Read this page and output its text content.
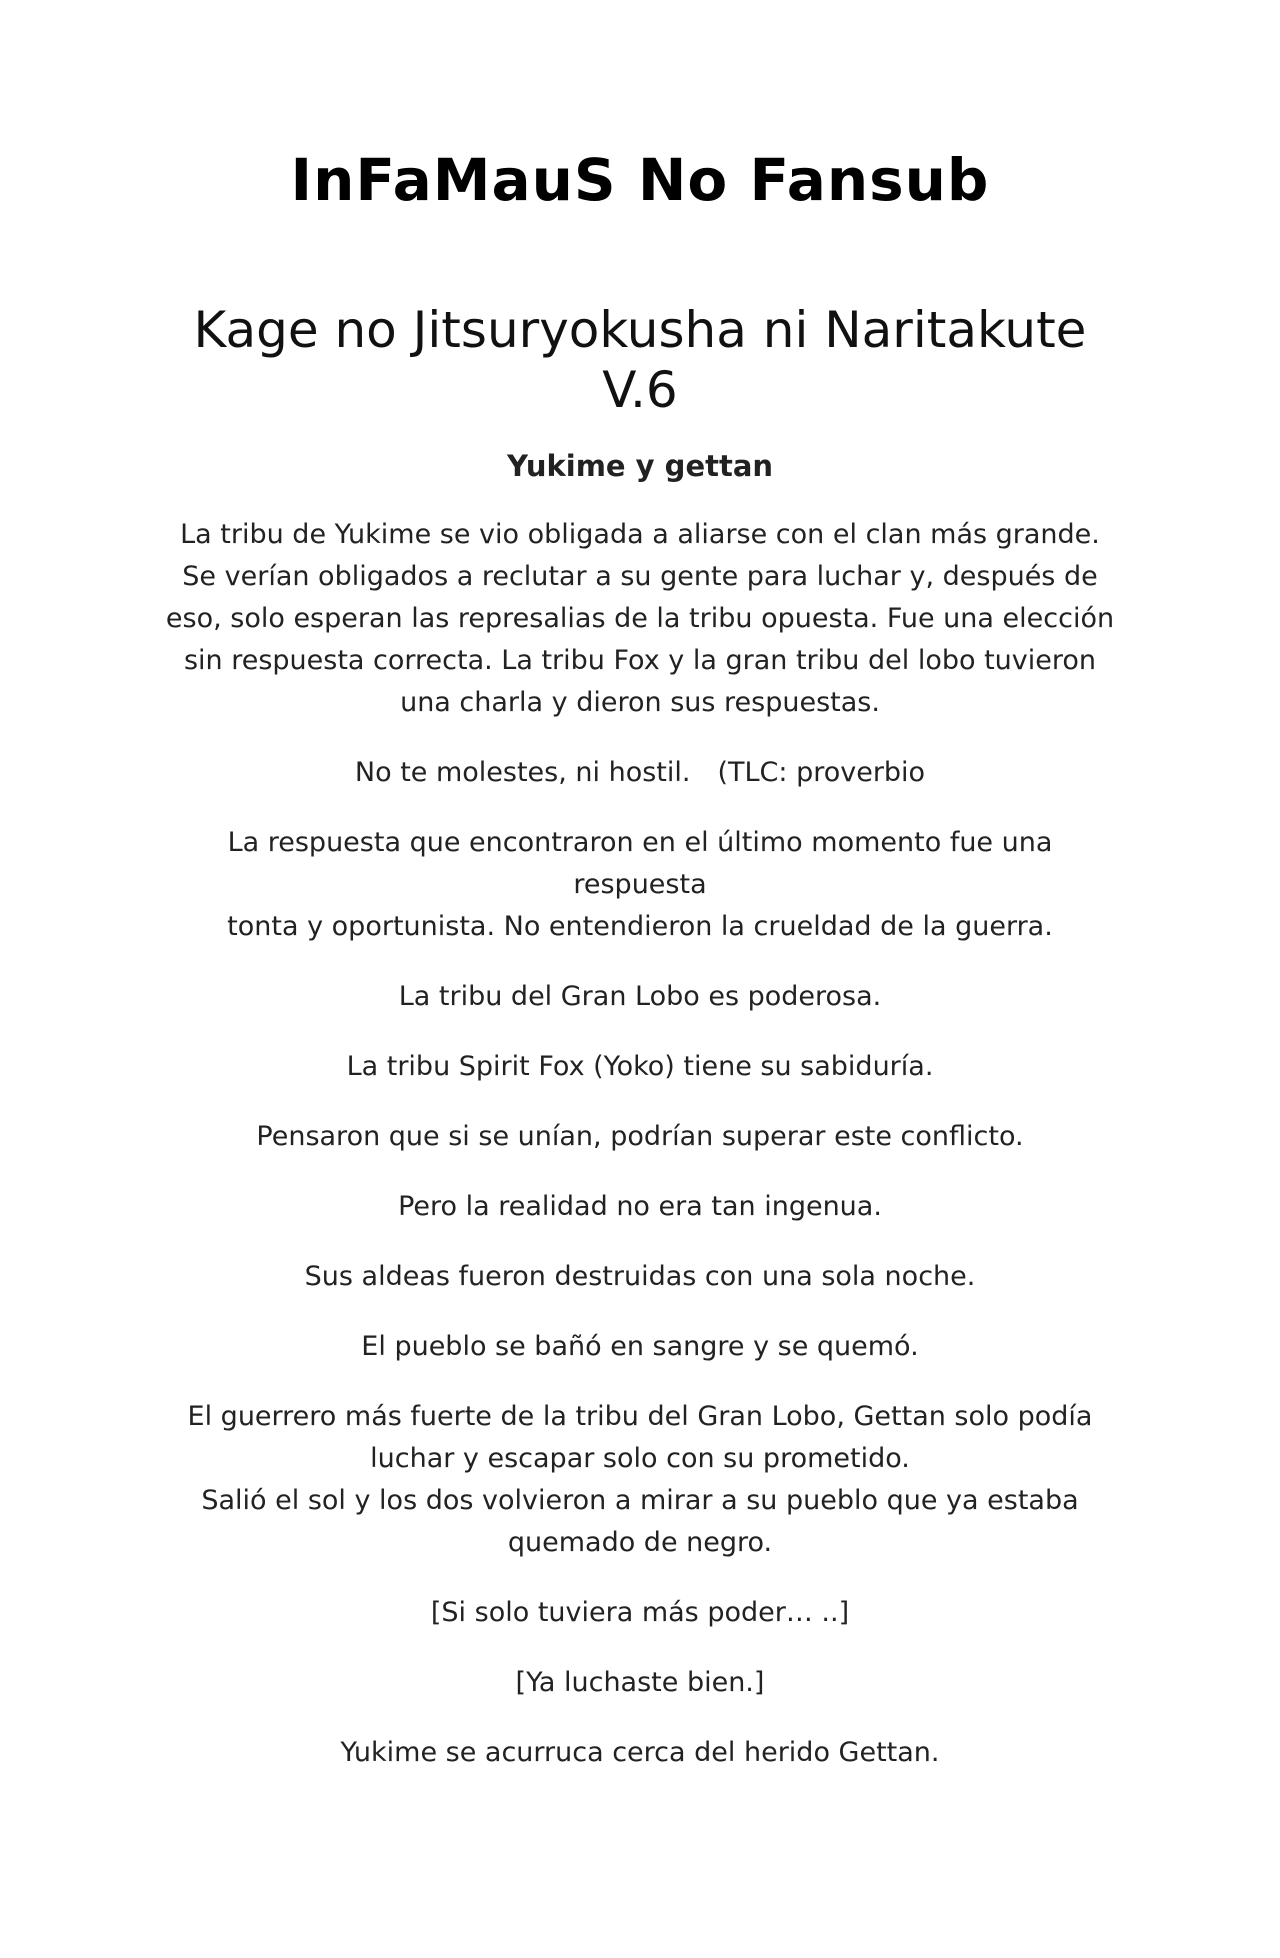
InFaMauS No Fansub
Kage no Jitsuryokusha ni Naritakute
V.6
Yukime y gettan

La tribu de Yukime se vio obligada a aliarse con el clan más grande.
Se verían obligados a reclutar a su gente para luchar y, después de
eso, solo esperan las represalias de la tribu opuesta. Fue una elección
sin respuesta correcta. La tribu Fox y la gran tribu del lobo tuvieron
una charla y dieron sus respuestas.

No te molestes, ni hostil.　(TLC: proverbio

La respuesta que encontraron en el último momento fue una respuesta
tonta y oportunista. No entendieron la crueldad de la guerra.

La tribu del Gran Lobo es poderosa.

La tribu Spirit Fox (Yoko) tiene su sabiduría.

Pensaron que si se unían, podrían superar este conflicto.

Pero la realidad no era tan ingenua.

Sus aldeas fueron destruidas con una sola noche.

El pueblo se bañó en sangre y se quemó.

El guerrero más fuerte de la tribu del Gran Lobo, Gettan solo podía
luchar y escapar solo con su prometido.
Salió el sol y los dos volvieron a mirar a su pueblo que ya estaba
quemado de negro.

[Si solo tuviera más poder… ..]

[Ya luchaste bien.]

Yukime se acurruca cerca del herido Gettan.
